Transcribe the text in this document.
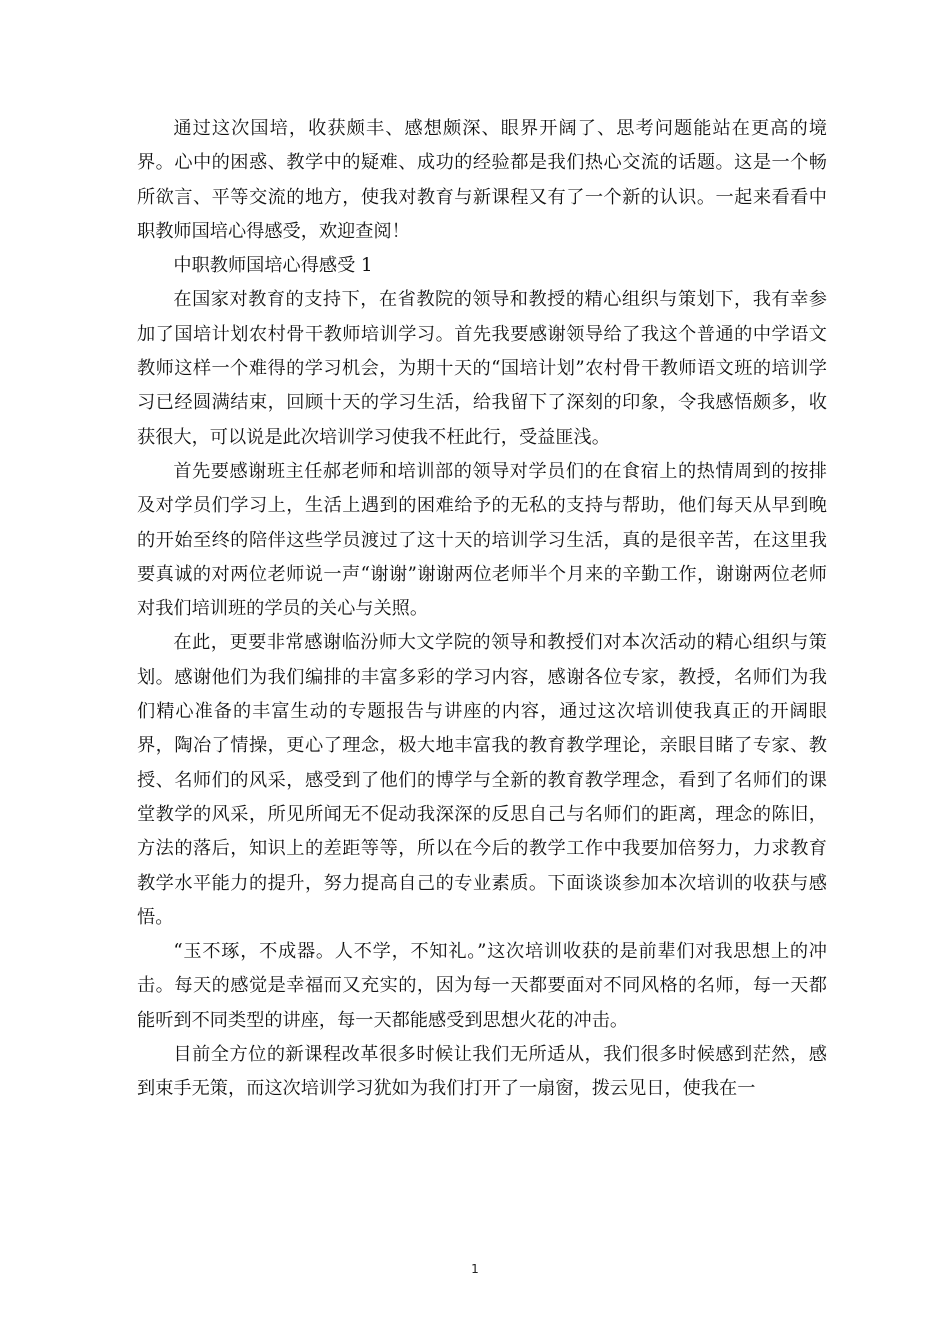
通过这次国培，收获颇丰、感想颇深、眼界开阔了、思考问题能站在更高的境界。心中的困惑、教学中的疑难、成功的经验都是我们热心交流的话题。这是一个畅所欲言、平等交流的地方，使我对教育与新课程又有了一个新的认识。一起来看看中职教师国培心得感受，欢迎查阅！

中职教师国培心得感受 1

在国家对教育的支持下，在省教院的领导和教授的精心组织与策划下，我有幸参加了国培计划农村骨干教师培训学习。首先我要感谢领导给了我这个普通的中学语文教师这样一个难得的学习机会，为期十天的“国培计划”农村骨干教师语文班的培训学习已经圆满结束，回顾十天的学习生活，给我留下了深刻的印象，令我感悟颇多，收获很大，可以说是此次培训学习使我不枉此行，受益匪浅。

首先要感谢班主任郝老师和培训部的领导对学员们的在食宿上的热情周到的按排及对学员们学习上，生活上遇到的困难给予的无私的支持与帮助，他们每天从早到晚的开始至终的陪伴这些学员渡过了这十天的培训学习生活，真的是很辛苦，在这里我要真诚的对两位老师说一声“谢谢”谢谢两位老师半个月来的辛勤工作，谢谢两位老师对我们培训班的学员的关心与关照。

在此，更要非常感谢临汾师大文学院的领导和教授们对本次活动的精心组织与策划。感谢他们为我们编排的丰富多彩的学习内容，感谢各位专家，教授，名师们为我们精心准备的丰富生动的专题报告与讲座的内容，通过这次培训使我真正的开阔眼界，陶冶了情操，更心了理念，极大地丰富我的教育教学理论，亲眼目睹了专家、教授、名师们的风采，感受到了他们的博学与全新的教育教学理念，看到了名师们的课堂教学的风采，所见所闻无不促动我深深的反思自己与名师们的距离，理念的陈旧，方法的落后，知识上的差距等等，所以在今后的教学工作中我要加倍努力，力求教育教学水平能力的提升，努力提高自己的专业素质。下面谈谈参加本次培训的收获与感悟。

“玉不琢，不成器。人不学，不知礼。”这次培训收获的是前辈们对我思想上的冲击。每天的感觉是幸福而又充实的，因为每一天都要面对不同风格的名师，每一天都能听到不同类型的讲座，每一天都能感受到思想火花的冲击。

目前全方位的新课程改革很多时候让我们无所适从，我们很多时候感到茫然，感到束手无策，而这次培训学习犹如为我们打开了一扇窗，拨云见日，使我在一

1
